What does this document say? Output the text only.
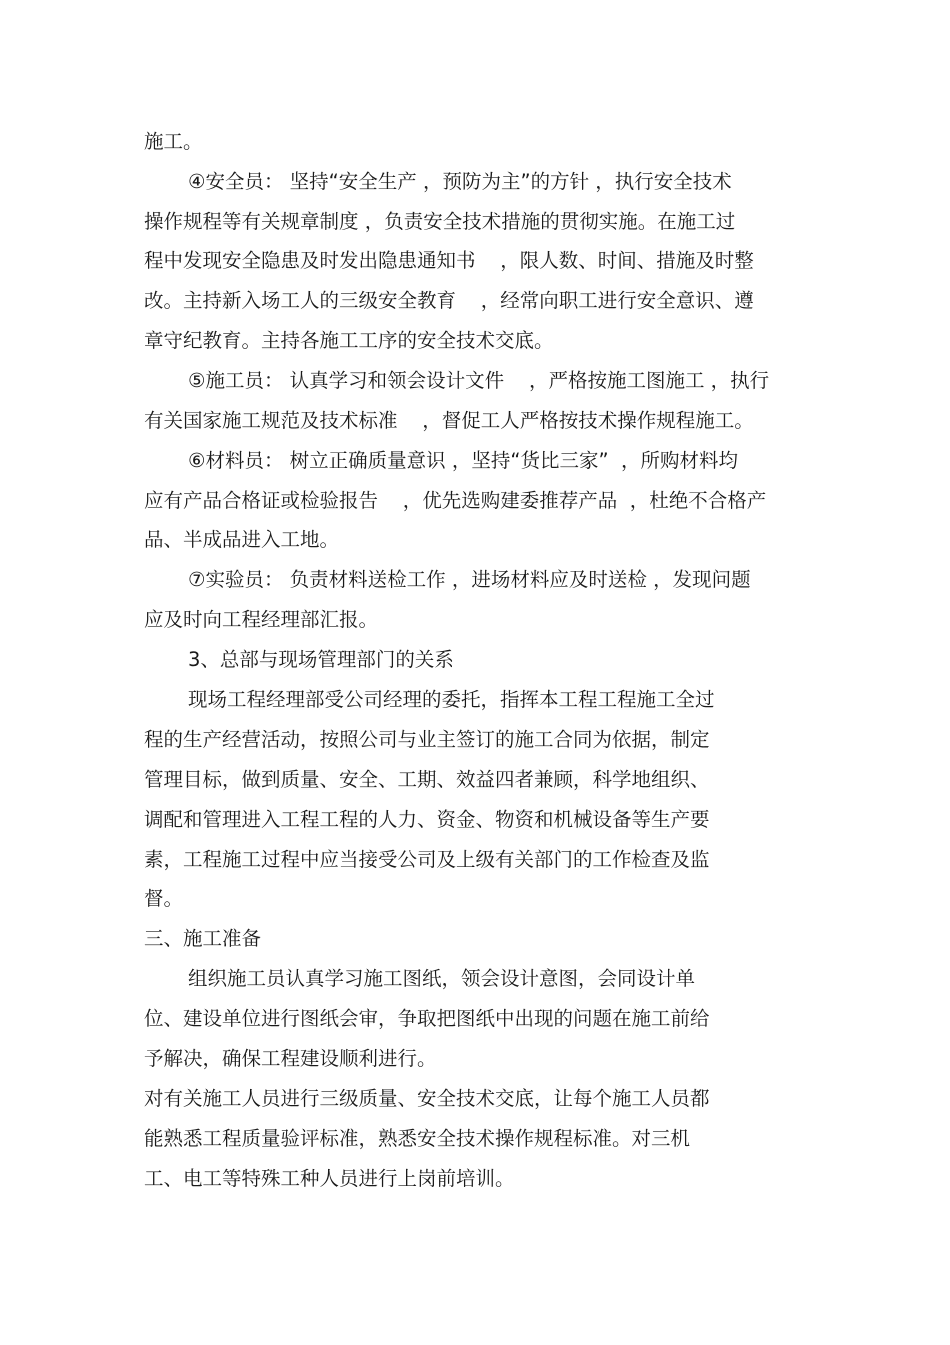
施工。

④安全员： 坚持“安全生产 ，预防为主”的方针 ，执行安全技术

操作规程等有关规章制度 ，负责安全技术措施的贯彻实施。在施工过

程中发现安全隐患及时发出隐患通知书    ，限人数、时间、措施及时整

改。主持新入场工人的三级安全教育    ，经常向职工进行安全意识、遵

章守纪教育。主持各施工工序的安全技术交底。

⑤施工员： 认真学习和领会设计文件    ，严格按施工图施工 ，执行

有关国家施工规范及技术标准    ，督促工人严格按技术操作规程施工。

⑥材料员： 树立正确质量意识 ，坚持“货比三家”  ，所购材料均

应有产品合格证或检验报告    ，优先选购建委推荐产品  ，杜绝不合格产

品、半成品进入工地。

⑦实验员： 负责材料送检工作 ，进场材料应及时送检 ，发现问题

应及时向工程经理部汇报。

3、总部与现场管理部门的关系

现场工程经理部受公司经理的委托，指挥本工程工程施工全过

程的生产经营活动，按照公司与业主签订的施工合同为依据，制定

管理目标，做到质量、安全、工期、效益四者兼顾，科学地组织、

调配和管理进入工程工程的人力、资金、物资和机械设备等生产要

素，工程施工过程中应当接受公司及上级有关部门的工作检查及监

督。

三、施工准备

组织施工员认真学习施工图纸，领会设计意图，会同设计单

位、建设单位进行图纸会审，争取把图纸中出现的问题在施工前给

予解决，确保工程建设顺利进行。

对有关施工人员进行三级质量、安全技术交底，让每个施工人员都

能熟悉工程质量验评标准，熟悉安全技术操作规程标准。对三机

工、电工等特殊工种人员进行上岗前培训。
